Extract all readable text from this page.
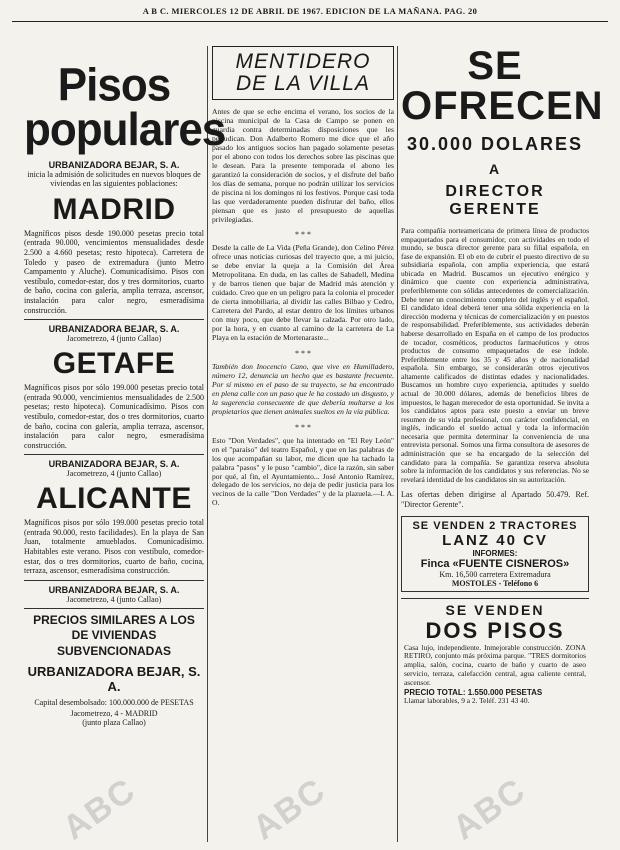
A B C. MIERCOLES 12 DE ABRIL DE 1967. EDICION DE LA MAÑANA. PAG. 20
Pisos populares
URBANIZADORA BEJAR, S. A.
inicia la admisión de solicitudes en nuevos bloques de viviendas en las siguientes poblaciones:
MADRID
Magníficos pisos desde 190.000 pesetas precio total (entrada 90.000, vencimientos mensualidades desde 2.500 a 4.660 pesetas; resto hipoteca). Carretera de Toledo y paseo de extremadura (junto Metro Campamento y Aluche). Comunicadísimo. Pisos con vestíbulo, comedor-estar, dos y tres dormitorios, cuarto de baño, cocina con galería, amplia terraza, ascensor, instalación para calor negro, esmeradísima construcción.
URBANIZADORA BEJAR, S. A.
Jacometrezo, 4 (junto Callao)
GETAFE
Magníficos pisos por sólo 199.000 pesetas precio total (entrada 90.000, vencimientos mensualidades de 2.500 pesetas; resto hipoteca). Comunicadísimo. Pisos con vestíbulo, comedor-estar, dos o tres dormitorios, cuarto de baño, cocina con galería, amplia terraza, ascensor, instalación para calor negro, esmeradísima construcción.
URBANIZADORA BEJAR, S. A.
Jacometrezo, 4 (junto Callao)
ALICANTE
Magníficos pisos por sólo 199.000 pesetas precio total (entrada 90.000, resto facilidades). En la playa de San Juan, totalmente amueblados. Comunicadísimo. Habitables este verano. Pisos con vestíbulo, comedor-estar, dos o tres dormitorios, cuarto de baño, cocina, terraza, ascensor, esmeradísima construcción.
URBANIZADORA BEJAR, S. A.
Jacometrezo, 4 (junto Callao)
PRECIOS SIMILARES A LOS DE VIVIENDAS SUBVENCIONADAS
URBANIZADORA BEJAR, S. A.
Capital desembolsado: 100.000.000 de PESETAS
Jacometrezo, 4 - MADRID
(junto plaza Callao)
MENTIDERO
DE LA VILLA
Antes de que se eche encima el verano, los socios de la piscina municipal de la Casa de Campo se ponen en guardia contra determinadas disposiciones que les perjudican. Don Adalberto Romero me dice que el año pasado los antiguos socios han pagado solamente pesetas por el abono con todos los derechos sobre las piscinas que le desean. Para la presente temporada el abono les garantizó la consideración de socios, y el disfrute del baño los días de semana, porque no podrán utilizar los servicios de piscina ni los domingos ni los festivos. Porque casi toda las que verdaderamente pueden disfrutar del baño, ellos piensan que es justo el presupuesto de aquellas privilegiadas.
* * *
Desde la calle de La Vida (Peña Grande), don Celino Pérez ofrece unas noticias curiosas del trayecto que, a mi juicio, se debe enviar la queja a la Comisión del Área Metropolitana. En duda, en las calles de Sabadell, Medina y de barros tienen que bajar de Madrid más atención y cuidado. Creo que en un peligro para la colonia el proceder de cierta inmobiliaria, al dividir las calles Bilbao y Cedro, Carretera del Pardo, al estar dentro de los límites urbanos con muy poco, que debe llevar la calzada. Por otro lado, por la hora, y en cuanto al camino de la carretera de La Playa en la estación de Mortenaraste...
* * *
También don Inocencio Cano, que vive en Humilladero, número 12, denuncia un hecho que es bastante frecuente. Por sí mismo en el paso de su trayecto, se ha encontrado en plena calle con un paso que le ha costado un disgusto, y la sugerencia consecuente de que debería multarse a los propietarios que tienen animales sueltos en la vía pública.
* * *
Esto "Don Verdades", que ha intentado en "El Rey León" en el "paraíso" del teatro Español, y que en las palabras de los que acompañan su labor, me dicen que ha tachado la palabra "pasos" y le puso "cambio", dice la razón, sin saber por qué, al fin, el Ayuntamiento... José Antonio Ramírez, delegado de los servicios, no deja de pedir justicia para los vecinos de la calle "Don Verdades" y de la plazuela.—I. A. O.
SE OFRECEN
30.000 DOLARES
A
DIRECTOR GERENTE
Para compañía norteamericana de primera línea de productos empaquetados para el consumidor, con actividades en todo el mundo, se busca director gerente para su filial española, en fase de expansión. El ob eto de cubrir el puesto directivo de su subsidiaria española, con amplia experiencia, que estará ubicada en Madrid. Buscamos un ejecutivo enérgico y dinámico que cuente con experiencia administrativa, preferiblemente con sólidas antecedentes de comercialización. Debe tener un conocimiento completo del inglés y el español. El candidato ideal deberá tener una sólida experiencia en la dirección moderna y técnicas de comercialización y en puestos de responsabilidad. Preferiblemente, sus actividades deberán haberse desarrollado en España en el campo de los productos de tocador, cosméticos, productos farmacéuticos y otros productos de consumo empaquetados de ese índole. Preferiblemente entre los 35 y 45 años y de nacionalidad española. Sin embargo, se considerarán otros ejecutivos altamente calificados de distintas edades y nacionalidades. Buscamos un hombre cuyo experiencia, aptitudes y sueldo actual de 30.000 dólares, además de beneficios libres de impuestos, le hagan merecedor de esta oportunidad. Se invita a los candidatos aptos para este puesto a enviar un breve resumen de su vida profesional, con carácter confidencial, en inglés, indicando el sueldo actual y toda la información necesaria que permita determinar la conveniencia de una entrevista personal. Somos una firma consultora de asesores de administración que se ha encargado de la selección del candidato para la compañía. Se garantiza reserva absoluta sobre la información de los candidatos y sus referencias. No se revelará identidad de los candidatos sin su autorización.
Las ofertas deben dirigirse al Apartado 50.479. Ref. "Director Gerente".
SE VENDEN 2 TRACTORES
LANZ 40 CV
INFORMES:
Finca «FUENTE CISNEROS»
Km. 16,500 carretera Extremadura
MOSTOLES - Teléfono 6
SE VENDEN
DOS PISOS
Casa lujo, independiente. Inmejorable construcción. ZONA RETIRO, conjunto más próxima parque. "TRES dormitorios amplia, salón, cocina, cuarto de baño y cuarto de aseo servicio, terraza, calefacción central, agua caliente central, ascensor.
PRECIO TOTAL: 1.550.000 PESETAS
Llamar laborables, 9 a 2. Teléf. 231 43 40.
ABC	ABC	ABC
